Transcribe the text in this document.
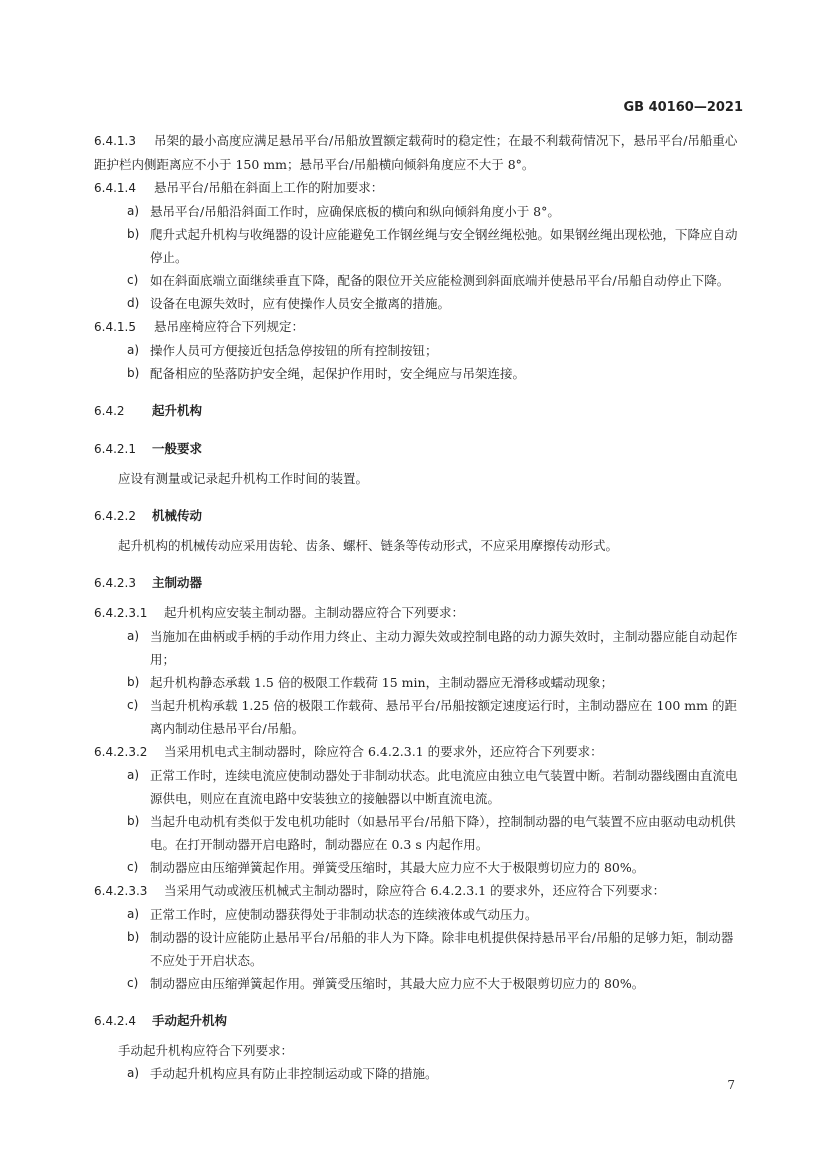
GB 40160—2021
6.4.1.3 吊架的最小高度应满足悬吊平台/吊船放置额定载荷时的稳定性；在最不利载荷情况下，悬吊平台/吊船重心距护栏内侧距离应不小于 150 mm；悬吊平台/吊船横向倾斜角度应不大于 8°。
6.4.1.4 悬吊平台/吊船在斜面上工作的附加要求：
a) 悬吊平台/吊船沿斜面工作时，应确保底板的横向和纵向倾斜角度小于 8°。
b) 爬升式起升机构与收绳器的设计应能避免工作钢丝绳与安全钢丝绳松弛。如果钢丝绳出现松弛，下降应自动停止。
c) 如在斜面底端立面继续垂直下降，配备的限位开关应能检测到斜面底端并使悬吊平台/吊船自动停止下降。
d) 设备在电源失效时，应有使操作人员安全撤离的措施。
6.4.1.5 悬吊座椅应符合下列规定：
a) 操作人员可方便接近包括急停按钮的所有控制按钮；
b) 配备相应的坠落防护安全绳，起保护作用时，安全绳应与吊架连接。
6.4.2 起升机构
6.4.2.1 一般要求
应设有测量或记录起升机构工作时间的装置。
6.4.2.2 机械传动
起升机构的机械传动应采用齿轮、齿条、螺杆、链条等传动形式，不应采用摩擦传动形式。
6.4.2.3 主制动器
6.4.2.3.1 起升机构应安装主制动器。主制动器应符合下列要求：
a) 当施加在曲柄或手柄的手动作用力终止、主动力源失效或控制电路的动力源失效时，主制动器应能自动起作用；
b) 起升机构静态承载 1.5 倍的极限工作载荷 15 min，主制动器应无滑移或蠕动现象；
c) 当起升机构承载 1.25 倍的极限工作载荷、悬吊平台/吊船按额定速度运行时，主制动器应在 100 mm 的距离内制动住悬吊平台/吊船。
6.4.2.3.2 当采用机电式主制动器时，除应符合 6.4.2.3.1 的要求外，还应符合下列要求：
a) 正常工作时，连续电流应使制动器处于非制动状态。此电流应由独立电气装置中断。若制动器线圈由直流电源供电，则应在直流电路中安装独立的接触器以中断直流电流。
b) 当起升电动机有类似于发电机功能时（如悬吊平台/吊船下降），控制制动器的电气装置不应由驱动电动机供电。在打开制动器开启电路时，制动器应在 0.3 s 内起作用。
c) 制动器应由压缩弹簧起作用。弹簧受压缩时，其最大应力应不大于极限剪切应力的 80%。
6.4.2.3.3 当采用气动或液压机械式主制动器时，除应符合 6.4.2.3.1 的要求外，还应符合下列要求：
a) 正常工作时，应使制动器获得处于非制动状态的连续液体或气动压力。
b) 制动器的设计应能防止悬吊平台/吊船的非人为下降。除非电机提供保持悬吊平台/吊船的足够力矩，制动器不应处于开启状态。
c) 制动器应由压缩弹簧起作用。弹簧受压缩时，其最大应力应不大于极限剪切应力的 80%。
6.4.2.4 手动起升机构
手动起升机构应符合下列要求：
a) 手动起升机构应具有防止非控制运动或下降的措施。
7
